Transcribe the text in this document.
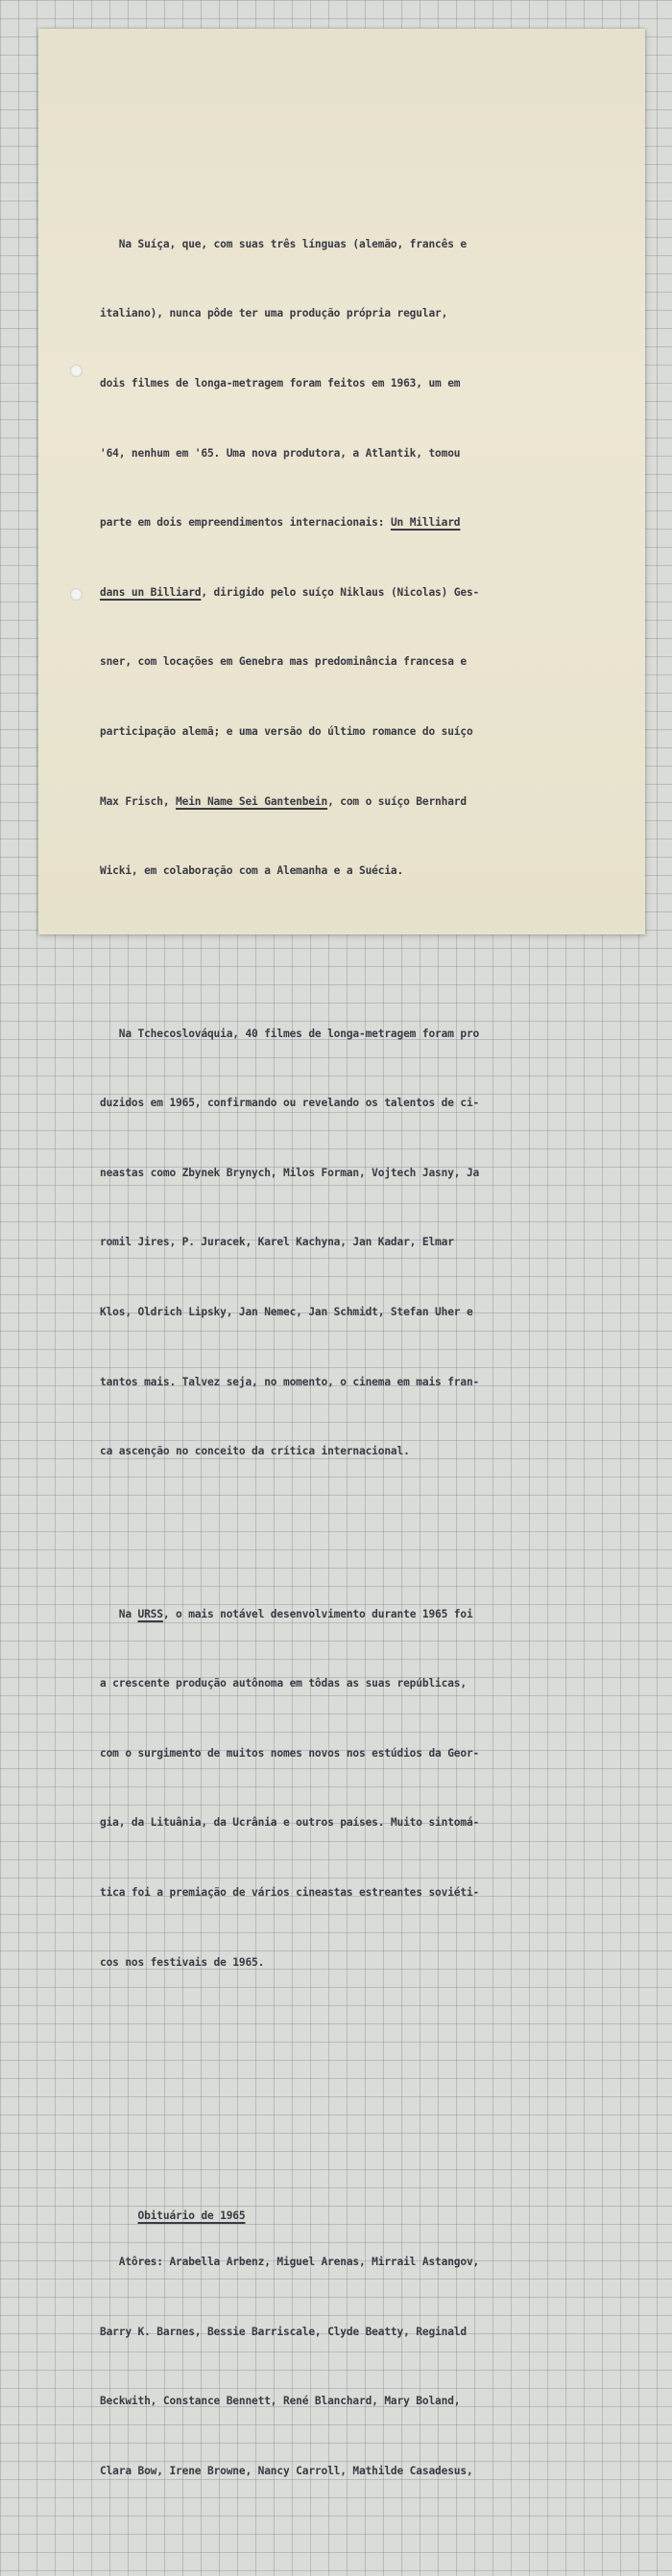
Na Suíça, que, com suas três línguas (alemão, francês e

italiano), nunca pôde ter uma produção própria regular,

dois filmes de longa-metragem foram feitos em 1963, um em

'64, nenhum em '65. Uma nova produtora, a Atlantik, tomou

parte em dois empreendimentos internacionais: Un Milliard

dans un Billiard, dirigido pelo suíço Niklaus (Nicolas) Ges-

sner, com locações em Genebra mas predominância francesa e

participação alemã; e uma versão do último romance do suíço

Max Frisch, Mein Name Sei Gantenbein, com o suíço Bernhard

Wicki, em colaboração com a Alemanha e a Suécia.

Na Tchecoslováquia, 40 filmes de longa-metragem foram pro

duzidos em 1965, confirmando ou revelando os talentos de ci-

neastas como Zbynek Brynych, Milos Forman, Vojtech Jasny, Ja

romil Jires, P. Juracek, Karel Kachyna, Jan Kadar, Elmar

Klos, Oldrich Lipsky, Jan Nemec, Jan Schmidt, Stefan Uher e

tantos mais. Talvez seja, no momento, o cinema em mais fran-

ca ascenção no conceito da crítica internacional.

Na URSS, o mais notável desenvolvimento durante 1965 foi

a crescente produção autônoma em tôdas as suas repúblicas,

com o surgimento de muitos nomes novos nos estúdios da Geor-

gia, da Lituânia, da Ucrânia e outros países. Muito sintomá-

tica foi a premiação de vários cineastas estreantes soviéti-

cos nos festivais de 1965.

Obituário de 1965

Atôres: Arabella Arbenz, Miguel Arenas, Mirrail Astangov,

Barry K. Barnes, Bessie Barriscale, Clyde Beatty, Reginald

Beckwith, Constance Bennett, René Blanchard, Mary Boland,

Clara Bow, Irene Browne, Nancy Carroll, Mathilde Casadesus,
